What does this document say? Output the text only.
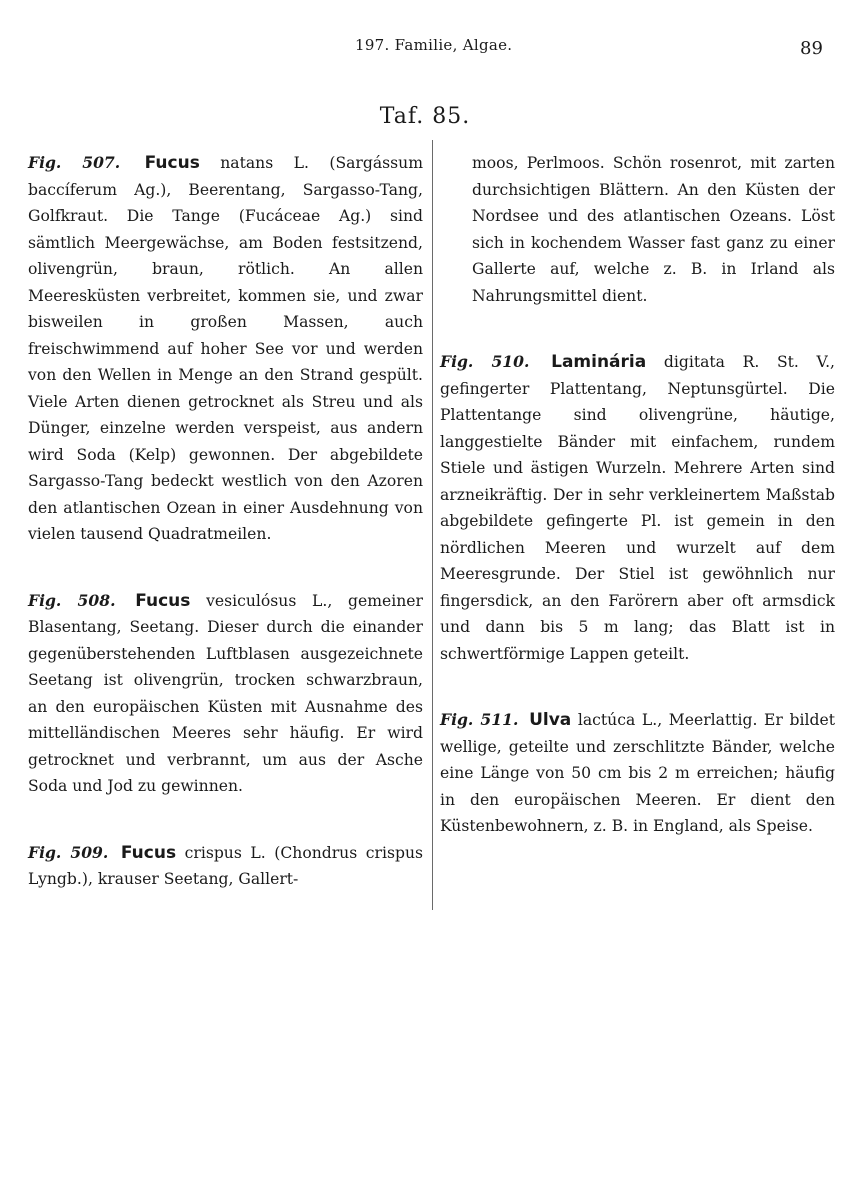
197. Familie, Algae.	89
Taf. 85.
Fig. 507. Fucus natans L. (Sargássum baccíferum Ag.), Beerentang, Sargasso-Tang, Golfkraut. Die Tange (Fucáceae Ag.) sind sämtlich Meergewächse, am Boden festsitzend, olivengrün, braun, rötlich. An allen Meeresküsten verbreitet, kommen sie, und zwar bisweilen in großen Massen, auch freischwimmend auf hoher See vor und werden von den Wellen in Menge an den Strand gespült. Viele Arten dienen getrocknet als Streu und als Dünger, einzelne werden verspeist, aus andern wird Soda (Kelp) gewonnen. Der abgebildete Sargasso-Tang bedeckt westlich von den Azoren den atlantischen Ozean in einer Ausdehnung von vielen tausend Quadratmeilen.
Fig. 508. Fucus vesiculósus L., gemeiner Blasentang, Seetang. Dieser durch die einander gegenüberstehenden Luftblasen ausgezeichnete Seetang ist olivengrün, trocken schwarzbraun, an den europäischen Küsten mit Ausnahme des mittelländischen Meeres sehr häufig. Er wird getrocknet und verbrannt, um aus der Asche Soda und Jod zu gewinnen.
Fig. 509. Fucus crispus L. (Chondrus crispus Lyngb.), krauser Seetang, Gallert-
moos, Perlmoos. Schön rosenrot, mit zarten durchsichtigen Blättern. An den Küsten der Nordsee und des atlantischen Ozeans. Löst sich in kochendem Wasser fast ganz zu einer Gallerte auf, welche z. B. in Irland als Nahrungsmittel dient.
Fig. 510. Laminária digitata R. St. V., gefingerter Plattentang, Neptunsgürtel. Die Plattentange sind olivengrüne, häutige, langgestielte Bänder mit einfachem, rundem Stiele und ästigen Wurzeln. Mehrere Arten sind arzneikräftig. Der in sehr verkleinertem Maßstab abgebildete gefingerte Pl. ist gemein in den nördlichen Meeren und wurzelt auf dem Meeresgrunde. Der Stiel ist gewöhnlich nur fingersdick, an den Farörern aber oft armsdick und dann bis 5 m lang; das Blatt ist in schwertförmige Lappen geteilt.
Fig. 511. Ulva lactúca L., Meerlattig. Er bildet wellige, geteilte und zerschlitzte Bänder, welche eine Länge von 50 cm bis 2 m erreichen; häufig in den europäischen Meeren. Er dient den Küstenbewohnern, z. B. in England, als Speise.
